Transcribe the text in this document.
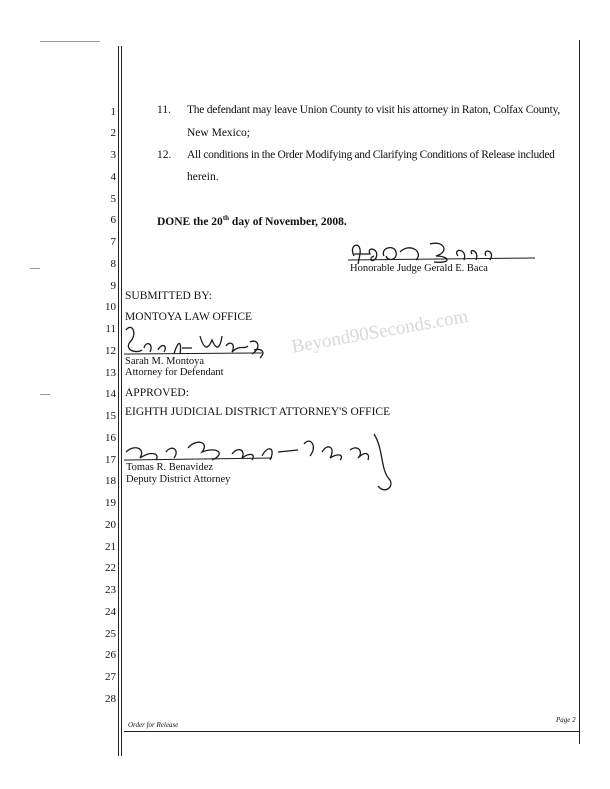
1
2
3
4
5
6
7
8
9
10
11
12
13
14
15
16
17
18
19
20
21
22
23
24
25
26
27
28
11. The defendant may leave Union County to visit his attorney in Raton, Colfax County,
New Mexico;
12. All conditions in the Order Modifying and Clarifying Conditions of Release included
herein.
DONE the 20th day of November, 2008.
Honorable Judge Gerald E. Baca
SUBMITTED BY:
MONTOYA LAW OFFICE
Sarah M. Montoya
Attorney for Defendant
Beyond90Seconds.com
APPROVED:
EIGHTH JUDICIAL DISTRICT ATTORNEY'S OFFICE
Tomas R. Benavidez
Deputy District Attorney
Order for Release
Page 2
